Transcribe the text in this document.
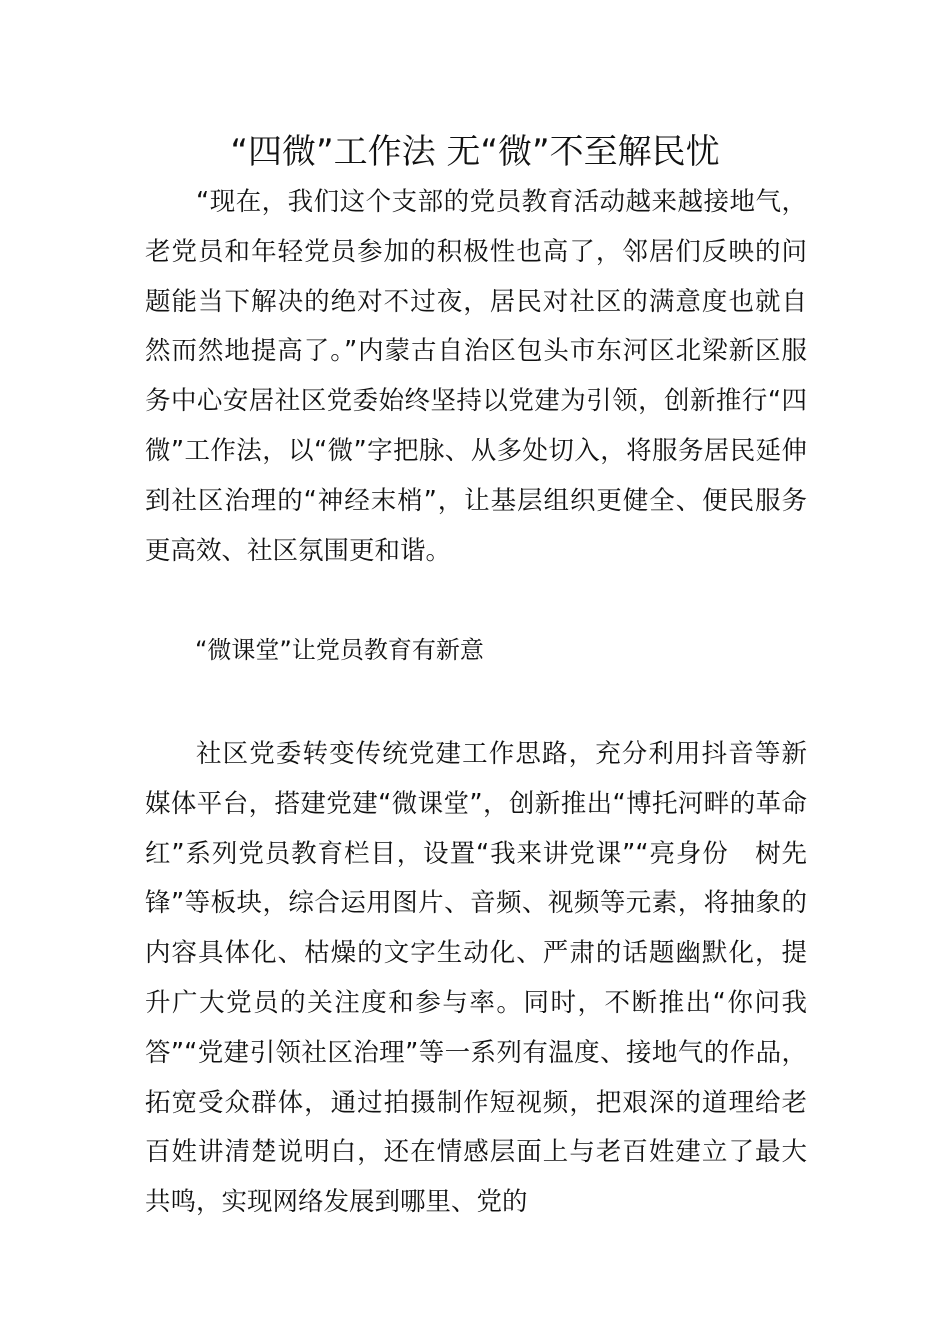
“四微”工作法 无“微”不至解民忧

“现在，我们这个支部的党员教育活动越来越接地气，老党员和年轻党员参加的积极性也高了，邻居们反映的问题能当下解决的绝对不过夜，居民对社区的满意度也就自然而然地提高了。”内蒙古自治区包头市东河区北梁新区服务中心安居社区党委始终坚持以党建为引领，创新推行“四微”工作法，以“微”字把脉、从多处切入，将服务居民延伸到社区治理的“神经末梢”，让基层组织更健全、便民服务更高效、社区氛围更和谐。

“微课堂”让党员教育有新意

社区党委转变传统党建工作思路，充分利用抖音等新媒体平台，搭建党建“微课堂”，创新推出“博托河畔的革命红”系列党员教育栏目，设置“我来讲党课”“亮身份　树先锋”等板块，综合运用图片、音频、视频等元素，将抽象的内容具体化、枯燥的文字生动化、严肃的话题幽默化，提升广大党员的关注度和参与率。同时，不断推出“你问我答”“党建引领社区治理”等一系列有温度、接地气的作品，拓宽受众群体，通过拍摄制作短视频，把艰深的道理给老百姓讲清楚说明白，还在情感层面上与老百姓建立了最大共鸣，实现网络发展到哪里、党的
